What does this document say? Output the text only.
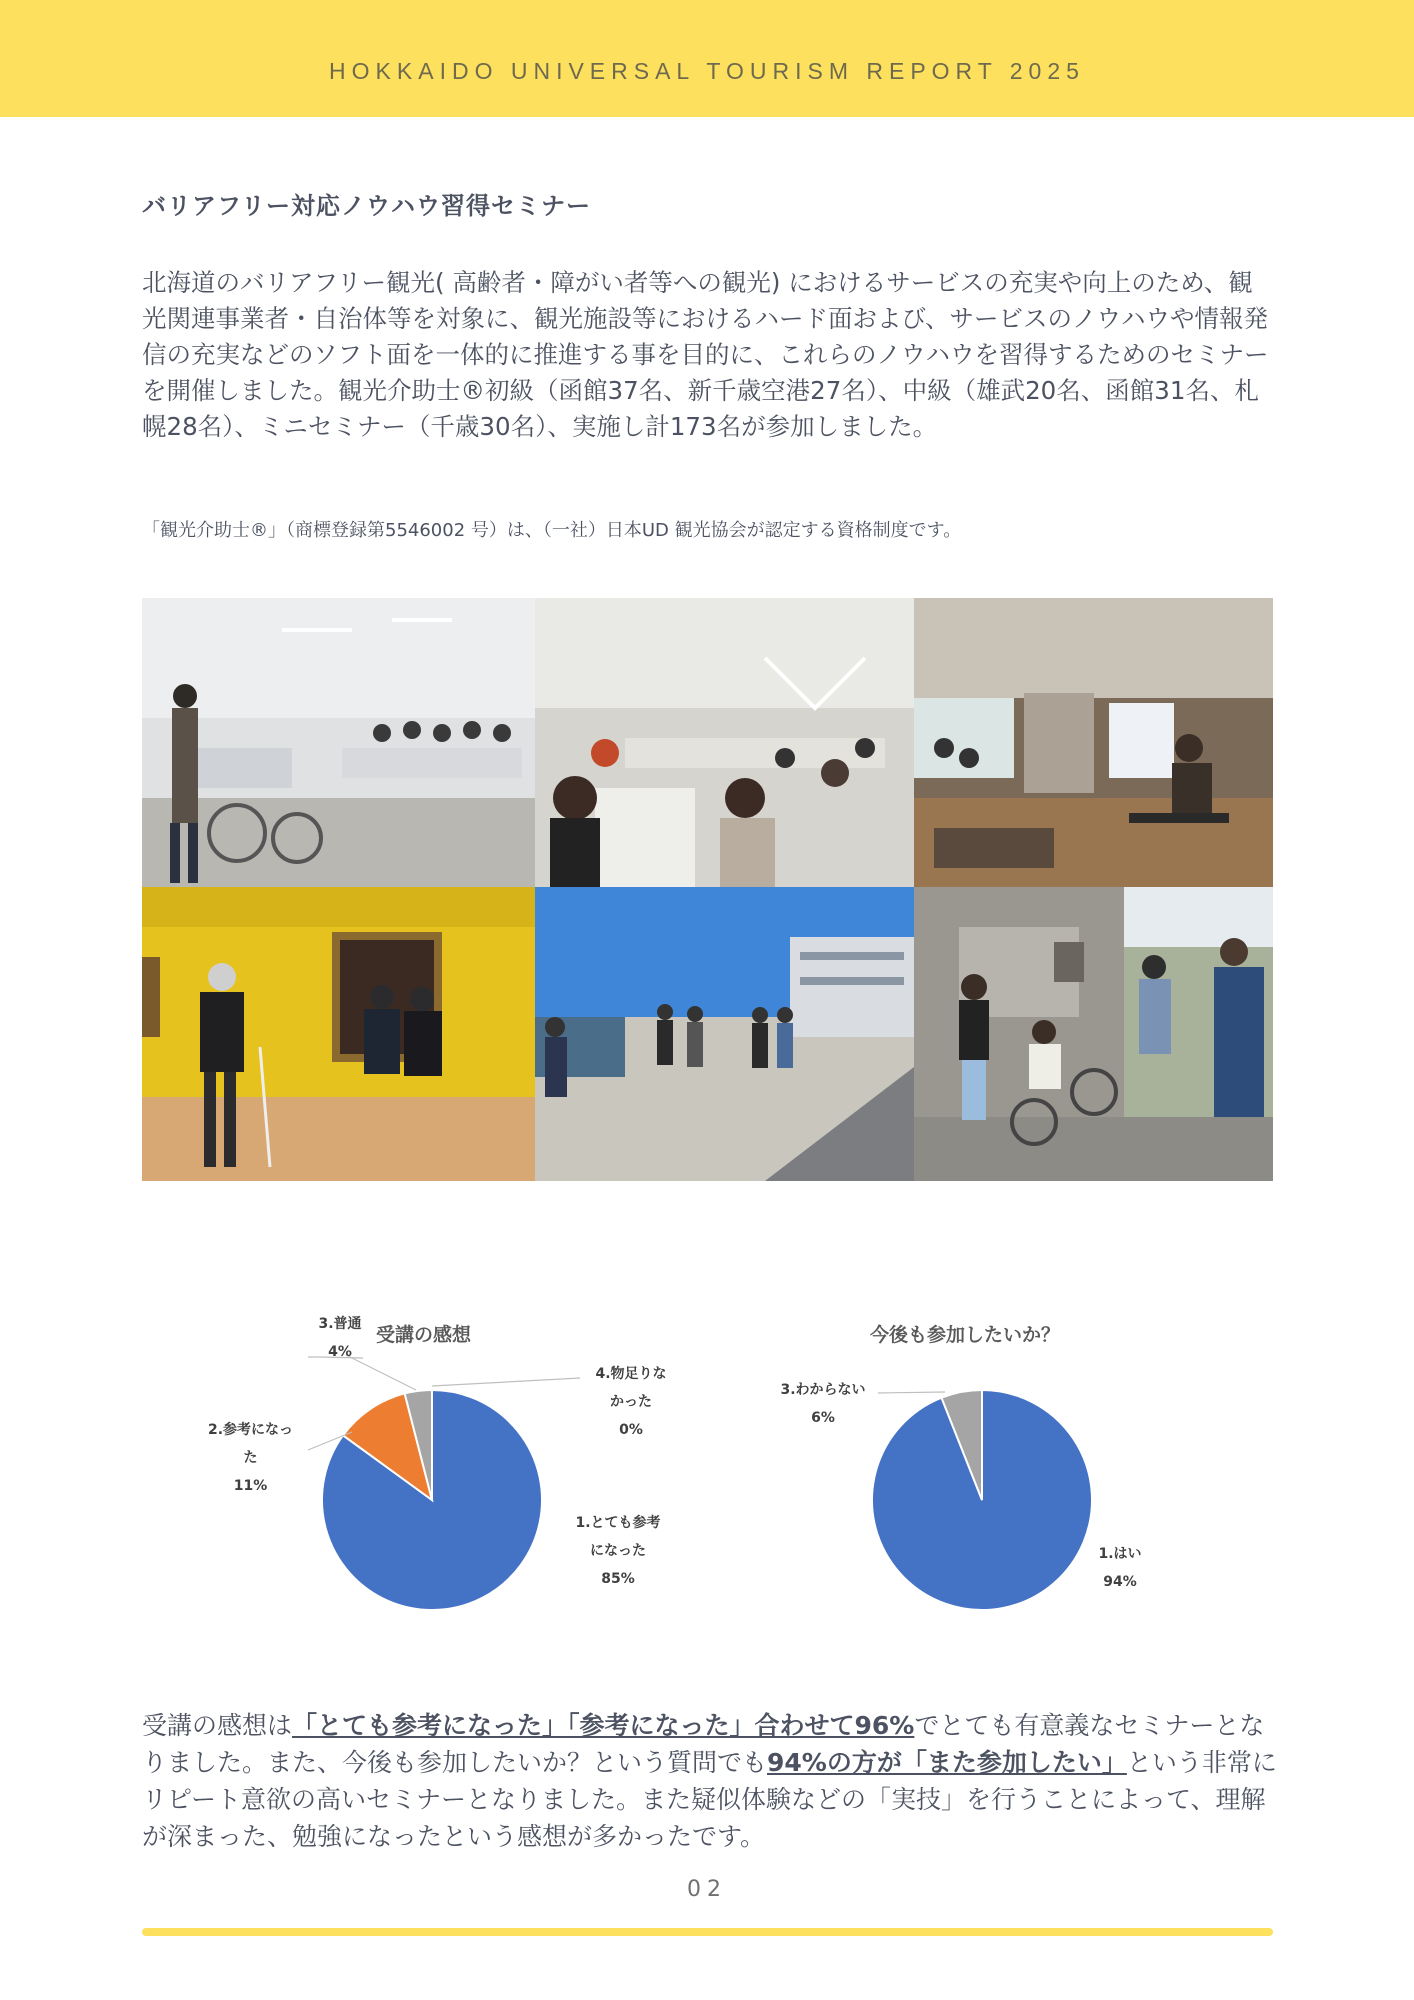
HOKKAIDO UNIVERSAL TOURISM REPORT 2025
バリアフリー対応ノウハウ習得セミナー

北海道のバリアフリー観光( 高齢者・障がい者等への観光) におけるサービスの充実や向上のため、観光関連事業者・自治体等を対象に、観光施設等におけるハード面および、サービスのノウハウや情報発信の充実などのソフト面を一体的に推進する事を目的に、これらのノウハウを習得するためのセミナーを開催しました。観光介助士®初級（函館37名、新千歳空港27名）、中級（雄武20名、函館31名、札幌28名）、ミニセミナー（千歳30名）、実施し計173名が参加しました。

「観光介助士®」（商標登録第5546002 号）は、（一社）日本UD 観光協会が認定する資格制度です。

受講の感想	今後も参加したいか？
3.普通
4%
4.物足りな
かった
0%
2.参考になっ
た
11%
1.とても参考
になった
85%
3.わからない
6%
1.はい
94%

受講の感想は「とても参考になった」「参考になった」合わせて96%でとても有意義なセミナーとなりました。また、今後も参加したいか？という質問でも94%の方が「また参加したい」という非常にリピート意欲の高いセミナーとなりました。また疑似体験などの「実技」を行うことによって、理解が深まった、勉強になったという感想が多かったです。

02
